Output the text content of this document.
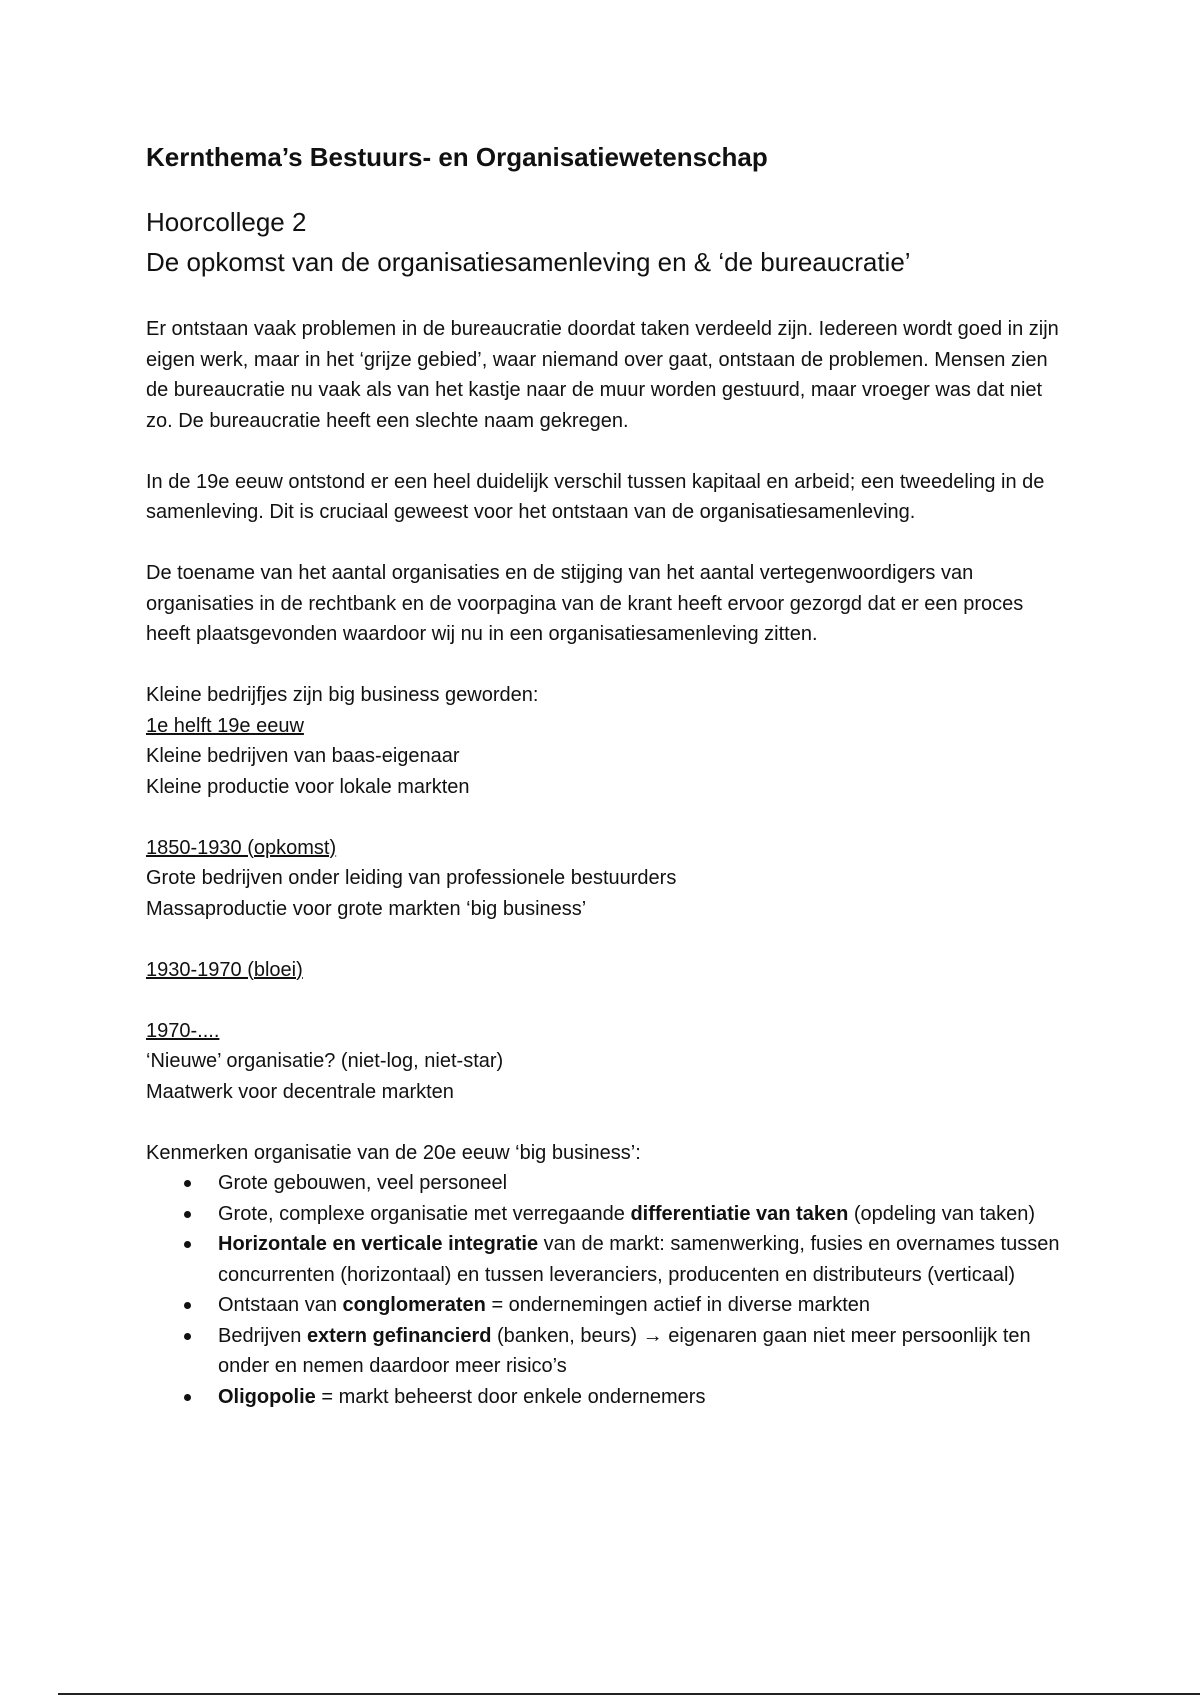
Kernthema’s Bestuurs- en Organisatiewetenschap
Hoorcollege 2
De opkomst van de organisatiesamenleving en & ‘de bureaucratie’

Er ontstaan vaak problemen in de bureaucratie doordat taken verdeeld zijn. Iedereen wordt goed in zijn eigen werk, maar in het ‘grijze gebied’, waar niemand over gaat, ontstaan de problemen. Mensen zien de bureaucratie nu vaak als van het kastje naar de muur worden gestuurd, maar vroeger was dat niet zo. De bureaucratie heeft een slechte naam gekregen.

In de 19e eeuw ontstond er een heel duidelijk verschil tussen kapitaal en arbeid; een tweedeling in de samenleving. Dit is cruciaal geweest voor het ontstaan van de organisatiesamenleving.

De toename van het aantal organisaties en de stijging van het aantal vertegenwoordigers van organisaties in de rechtbank en de voorpagina van de krant heeft ervoor gezorgd dat er een proces heeft plaatsgevonden waardoor wij nu in een organisatiesamenleving zitten.

Kleine bedrijfjes zijn big business geworden:
1e helft 19e eeuw
Kleine bedrijven van baas-eigenaar
Kleine productie voor lokale markten
1850-1930 (opkomst)
Grote bedrijven onder leiding van professionele bestuurders
Massaproductie voor grote markten ‘big business’
1930-1970 (bloei)
1970-....
‘Nieuwe’ organisatie? (niet-log, niet-star)
Maatwerk voor decentrale markten
Kenmerken organisatie van de 20e eeuw ‘big business’:
Grote gebouwen, veel personeel
Grote, complexe organisatie met verregaande differentiatie van taken (opdeling van taken)
Horizontale en verticale integratie van de markt: samenwerking, fusies en overnames tussen concurrenten (horizontaal) en tussen leveranciers, producenten en distributeurs (verticaal)
Ontstaan van conglomeraten = ondernemingen actief in diverse markten
Bedrijven extern gefinancierd (banken, beurs) → eigenaren gaan niet meer persoonlijk ten onder en nemen daardoor meer risico’s
Oligopolie = markt beheerst door enkele ondernemers
